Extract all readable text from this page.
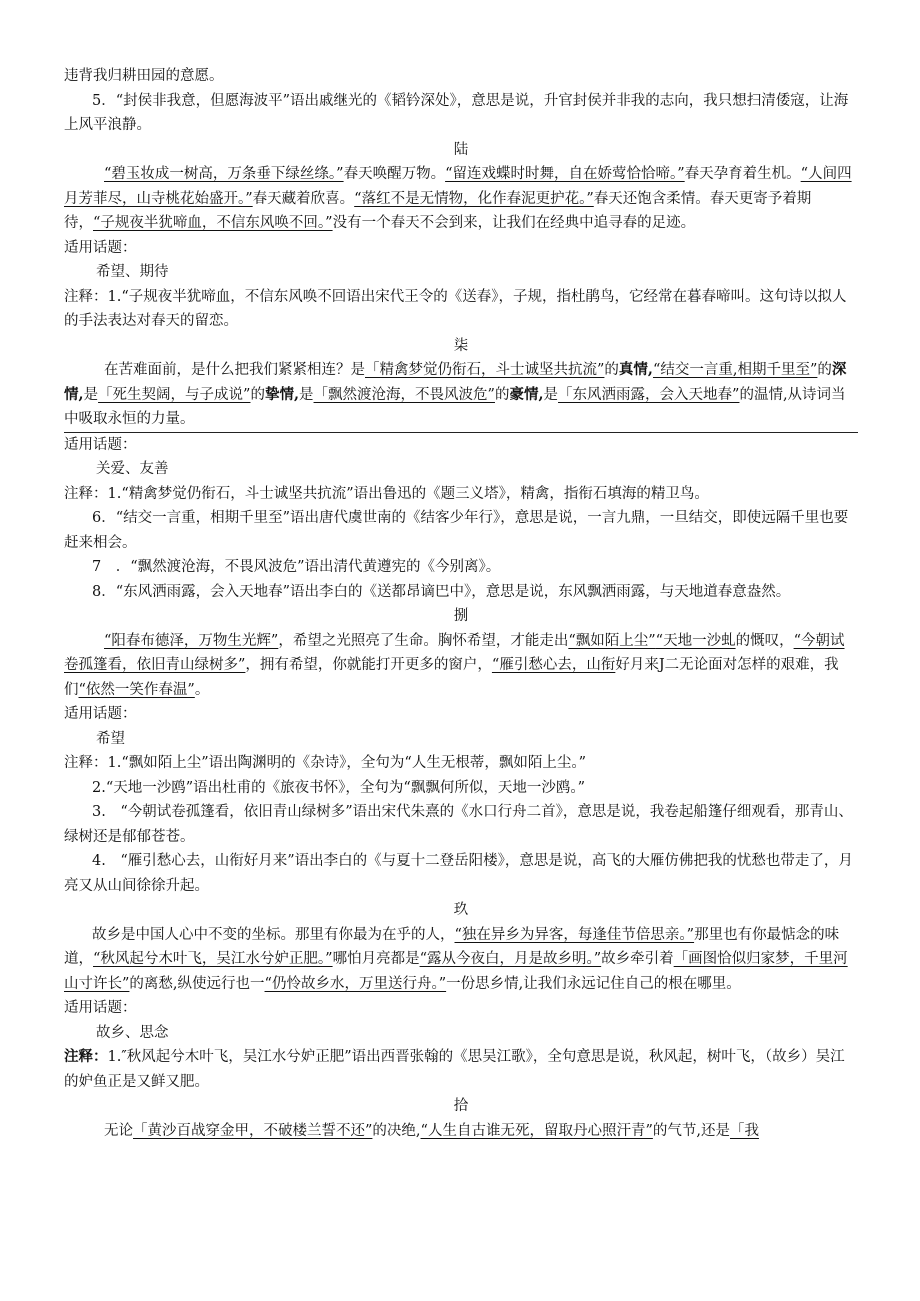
违背我归耕田园的意愿。

5．“封侯非我意，但愿海波平”语出戚继光的《韬钤深处》，意思是说，升官封侯并非我的志向，我只想扫清倭寇，让海上风平浪静。

陆

“碧玉妆成一树高，万条垂下绿丝绦。”春天唤醒万物。“留连戏蝶时时舞，自在娇莺恰恰啼。”春天孕育着生机。“人间四月芳菲尽，山寺桃花始盛开。”春天藏着欣喜。“落红不是无情物，化作春泥更护花。”春天还饱含柔情。春天更寄予着期待，“子规夜半犹啼血，不信东风唤不回。”没有一个春天不会到来，让我们在经典中追寻春的足迹。

适用话题：

希望、期待

注释：1.“子规夜半犹啼血，不信东风唤不回语出宋代王令的《送春》，子规，指杜鹃鸟，它经常在暮春啼叫。这句诗以拟人的手法表达对春天的留恋。

柒

在苦难面前，是什么把我们紧紧相连？是「精禽梦觉仍衔石，斗士诚坚共抗流”的真情,“结交一言重,相期千里至”的深情,是「死生契阔，与子成说”的挚情,是「飘然渡沧海，不畏风波危”的豪情,是「东风洒雨露，会入天地春”的温情,从诗词当中吸取永恒的力量。

适用话题：

关爱、友善

注释：1.“精禽梦觉仍衔石，斗士诚坚共抗流”语出鲁迅的《题三义塔》，精禽，指衔石填海的精卫鸟。

6．“结交一言重，相期千里至”语出唐代虞世南的《结客少年行》，意思是说，一言九鼎，一旦结交，即使远隔千里也要赶来相会。

7　．“飘然渡沧海，不畏风波危”语出清代黄遵宪的《今别离》。

8．“东风洒雨露，会入天地春”语出李白的《送都昂谪巴中》，意思是说，东风飘洒雨露，与天地道春意盎然。

捌

“阳春布德泽，万物生光辉”，希望之光照亮了生命。胸怀希望，才能走出“飘如陌上尘”“天地一沙虬的慨叹，“今朝试卷孤篷看，依旧青山绿树多”，拥有希望，你就能打开更多的窗户，“雁引愁心去，山衔好月来J二无论面对怎样的艰难，我们“依然一笑作春温”。

适用话题：

希望

注释：1.“飘如陌上尘”语出陶渊明的《杂诗》，全句为“人生无根蒂，飘如陌上尘。”

2.“天地一沙鸥”语出杜甫的《旅夜书怀》，全句为“飘飘何所似，天地一沙鸥。”

3.　“今朝试卷孤篷看，依旧青山绿树多”语出宋代朱熹的《水口行舟二首》，意思是说，我卷起船篷仔细观看，那青山、绿树还是郁郁苍苍。

4.　“雁引愁心去，山衔好月来”语出李白的《与夏十二登岳阳楼》，意思是说，高飞的大雁仿佛把我的忧愁也带走了，月亮又从山间徐徐升起。

玖

故乡是中国人心中不变的坐标。那里有你最为在乎的人，“独在异乡为异客，每逢佳节倍思亲。”那里也有你最惦念的味道，“秋风起兮木叶飞，吴江水兮妒正肥。”哪怕月亮都是“露从今夜白，月是故乡明。”故乡牵引着「画图恰似归家梦，千里河山寸许长”的离愁,纵使远行也一“仍怜故乡水，万里送行舟。”一份思乡情,让我们永远记住自己的根在哪里。

适用话题：

故乡、思念

注释：1.″秋风起兮木叶飞，吴江水兮妒正肥”语出西晋张翰的《思吴江歌》，全句意思是说，秋风起，树叶飞，（故乡）吴江的妒鱼正是又鲜又肥。

拾

无论「黄沙百战穿金甲，不破楼兰誓不还”的决绝,“人生自古谁无死，留取丹心照汗青”的气节,还是「我
